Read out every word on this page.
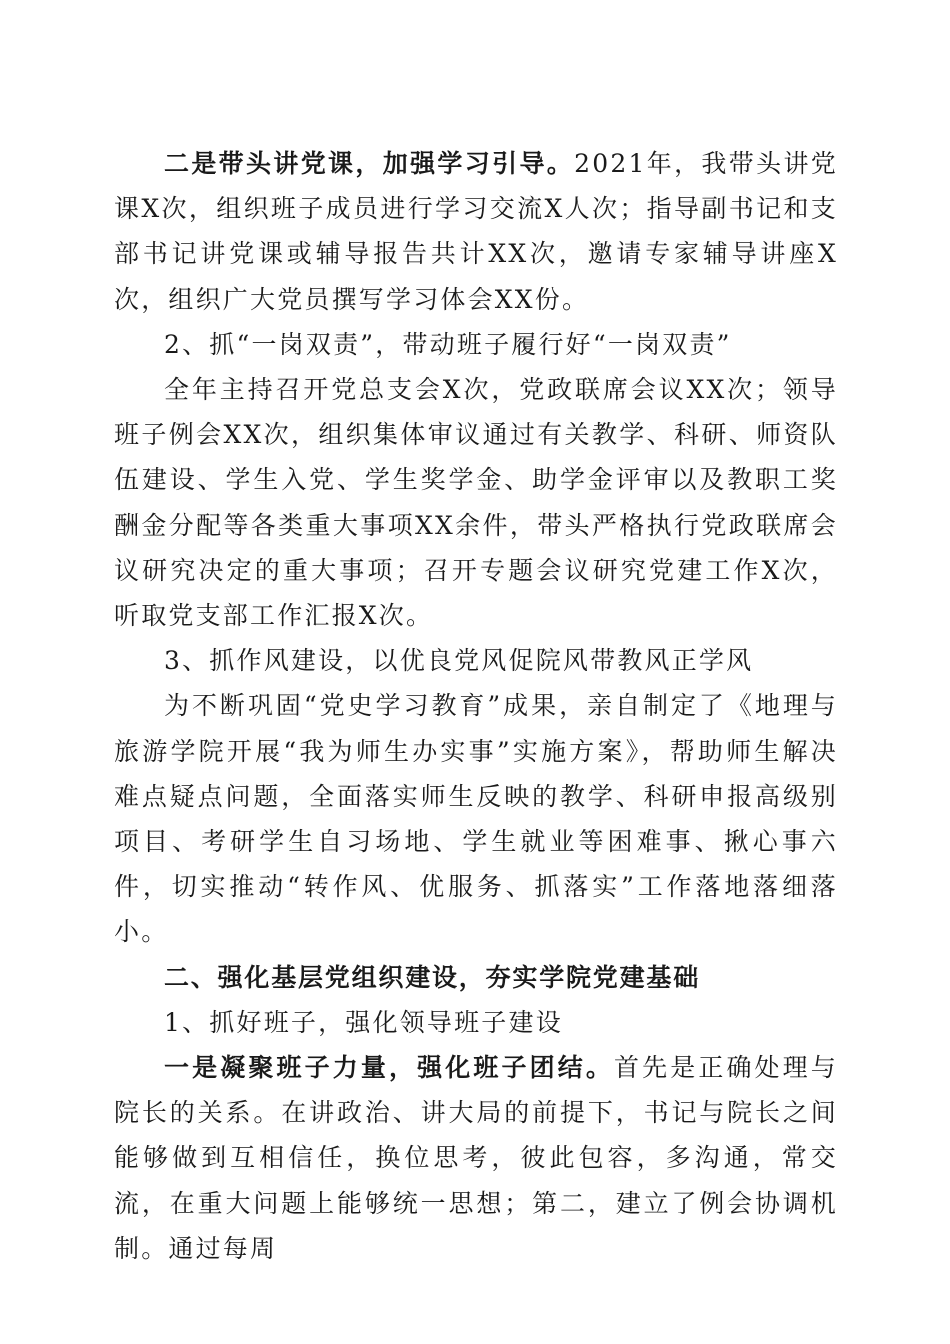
二是带头讲党课，加强学习引导。2021年，我带头讲党课X次，组织班子成员进行学习交流X人次；指导副书记和支部书记讲党课或辅导报告共计XX次，邀请专家辅导讲座X次，组织广大党员撰写学习体会XX份。

2、抓“一岗双责”，带动班子履行好“一岗双责”

全年主持召开党总支会X次，党政联席会议XX次；领导班子例会XX次，组织集体审议通过有关教学、科研、师资队伍建设、学生入党、学生奖学金、助学金评审以及教职工奖酬金分配等各类重大事项XX余件，带头严格执行党政联席会议研究决定的重大事项；召开专题会议研究党建工作X次，听取党支部工作汇报X次。

3、抓作风建设，以优良党风促院风带教风正学风

为不断巩固“党史学习教育”成果，亲自制定了《地理与旅游学院开展“我为师生办实事”实施方案》，帮助师生解决难点疑点问题，全面落实师生反映的教学、科研申报高级别项目、考研学生自习场地、学生就业等困难事、揪心事六件，切实推动“转作风、优服务、抓落实”工作落地落细落小。

二、强化基层党组织建设，夯实学院党建基础

1、抓好班子，强化领导班子建设

一是凝聚班子力量，强化班子团结。首先是正确处理与院长的关系。在讲政治、讲大局的前提下，书记与院长之间能够做到互相信任，换位思考，彼此包容，多沟通，常交流，在重大问题上能够统一思想；第二，建立了例会协调机制。通过每周
